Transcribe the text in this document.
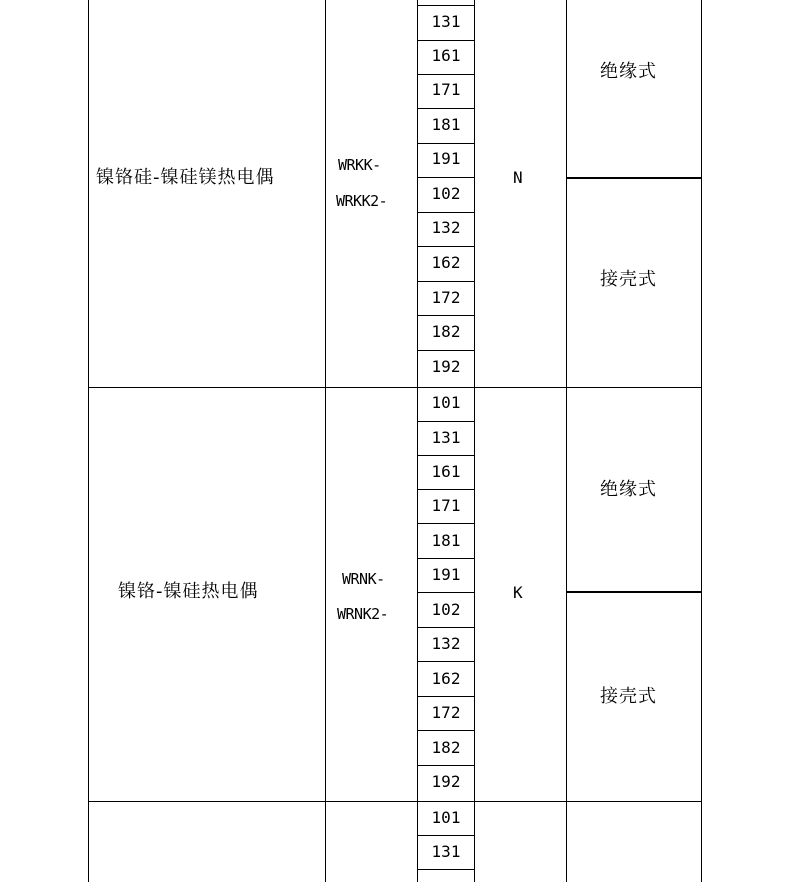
镍铬硅-镍硅镁热电偶
WRKK-
WRKK2-
131
161
171
181
191
102
132
162
172
182
192
N
绝缘式
接壳式
镍铬-镍硅热电偶
WRNK-
WRNK2-
101
131
161
171
181
191
102
132
162
172
182
192
K
绝缘式
接壳式
101
131
